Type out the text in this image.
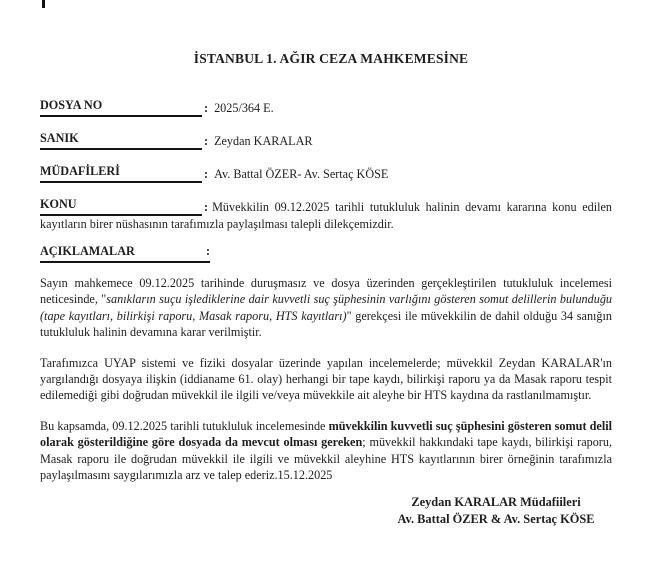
İSTANBUL 1. AĞIR CEZA MAHKEMESİNE
DOSYA NO	: 2025/364 E.
SANIK	: Zeydan KARALAR
MÜDAFİLERİ	: Av. Battal ÖZER- Av. Sertaç KÖSE
KONU	: Müvekkilin 09.12.2025 tarihli tutukluluk halinin devamı kararına konu edilen kayıtların birer nüshasının tarafımızla paylaşılması talepli dilekçemizdir.
AÇIKLAMALAR	:

Sayın mahkemece 09.12.2025 tarihinde duruşmasız ve dosya üzerinden gerçekleştirilen tutukluluk incelemesi neticesinde, "sanıkların suçu işlediklerine dair kuvvetli suç şüphesinin varlığını gösteren somut delillerin bulunduğu (tape kayıtları, bilirkişi raporu, Masak raporu, HTS kayıtları)" gerekçesi ile müvekkilin de dahil olduğu 34 sanığın tutukluluk halinin devamına karar verilmiştir.

Tarafımızca UYAP sistemi ve fiziki dosyalar üzerinde yapılan incelemelerde; müvekkil Zeydan KARALAR'ın yargılandığı dosyaya ilişkin (iddianame 61. olay) herhangi bir tape kaydı, bilirkişi raporu ya da Masak raporu tespit edilemediği gibi doğrudan müvekkil ile ilgili ve/veya müvekkile ait aleyhe bir HTS kaydına da rastlanılmamıştır.

Bu kapsamda, 09.12.2025 tarihli tutukluluk incelemesinde müvekkilin kuvvetli suç şüphesini gösteren somut delil olarak gösterildiğine göre dosyada da mevcut olması gereken; müvekkil hakkındaki tape kaydı, bilirkişi raporu, Masak raporu ile doğrudan müvekkil ile ilgili ve müvekkil aleyhine HTS kayıtlarının birer örneğinin tarafımızla paylaşılmasını saygılarımızla arz ve talep ederiz.15.12.2025

Zeydan KARALAR Müdafiileri
Av. Battal ÖZER & Av. Sertaç KÖSE
